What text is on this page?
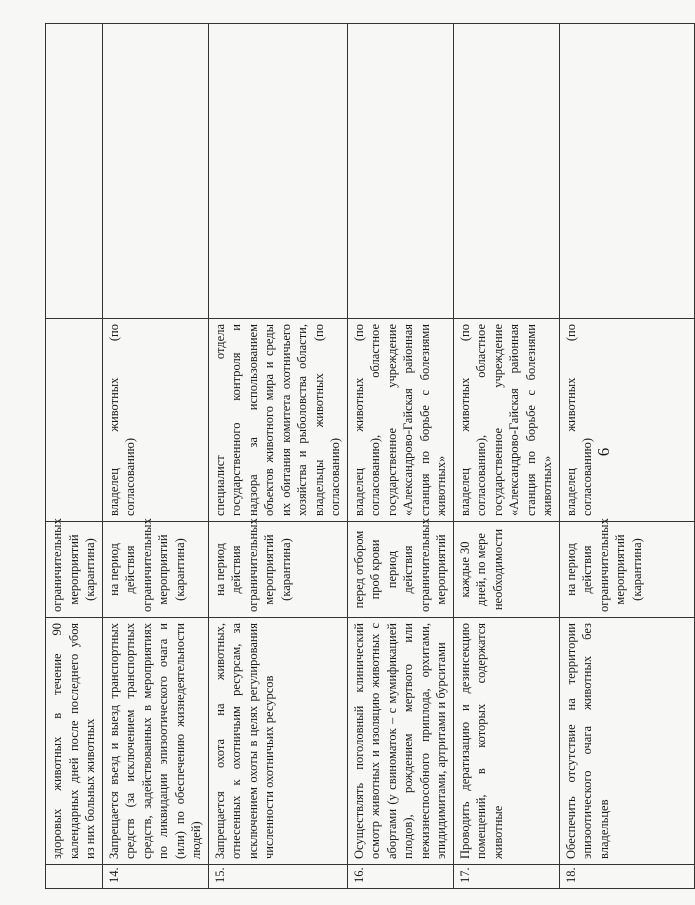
6
	здоровых животных в течение 90 календарных дней после последнего убоя из них больных животных	ограничительных мероприятий (карантина)		
14.	Запрещается въезд и выезд транспортных средств (за исключением транспортных средств, задействованных в мероприятиях по ликвидации эпизоотического очага и (или) по обеспечению жизнедеятельности людей)	на период действия ограничительных мероприятий (карантина)	владелец животных (по согласованию)	
15.	Запрещается охота на животных, отнесенных к охотничьим ресурсам, за исключением охоты в целях регулирования численности охотничьих ресурсов	на период действия ограничительных мероприятий (карантина)	специалист отдела государственного контроля и надзора за использованием объектов животного мира и среды их обитания комитета охотничьего хозяйства и рыболовства области, владельцы животных (по согласованию)	
16.	Осуществлять поголовный клинический осмотр животных и изоляцию животных с абортами (у свиноматок – с мумификацией плодов), рождением мертвого или нежизнеспособного приплода, орхитами, эпидидимитами, артритами и бурситами	перед отбором проб крови период действия ограничительных мероприятий	владелец животных (по согласованию), областное государственное учреждение «Александрово-Гайская районная станция по борьбе с болезнями животных»	
17.	Проводить дератизацию и дезинсекцию помещений, в которых содержатся животные	каждые 30 дней, по мере необходимости	владелец животных (по согласованию), областное государственное учреждение «Александрово-Гайская районная станция по борьбе с болезнями животных»	
18.	Обеспечить отсутствие на территории эпизоотического очага животных без владельцев	на период действия ограничительных мероприятий (карантина)	владелец животных (по согласованию)	
